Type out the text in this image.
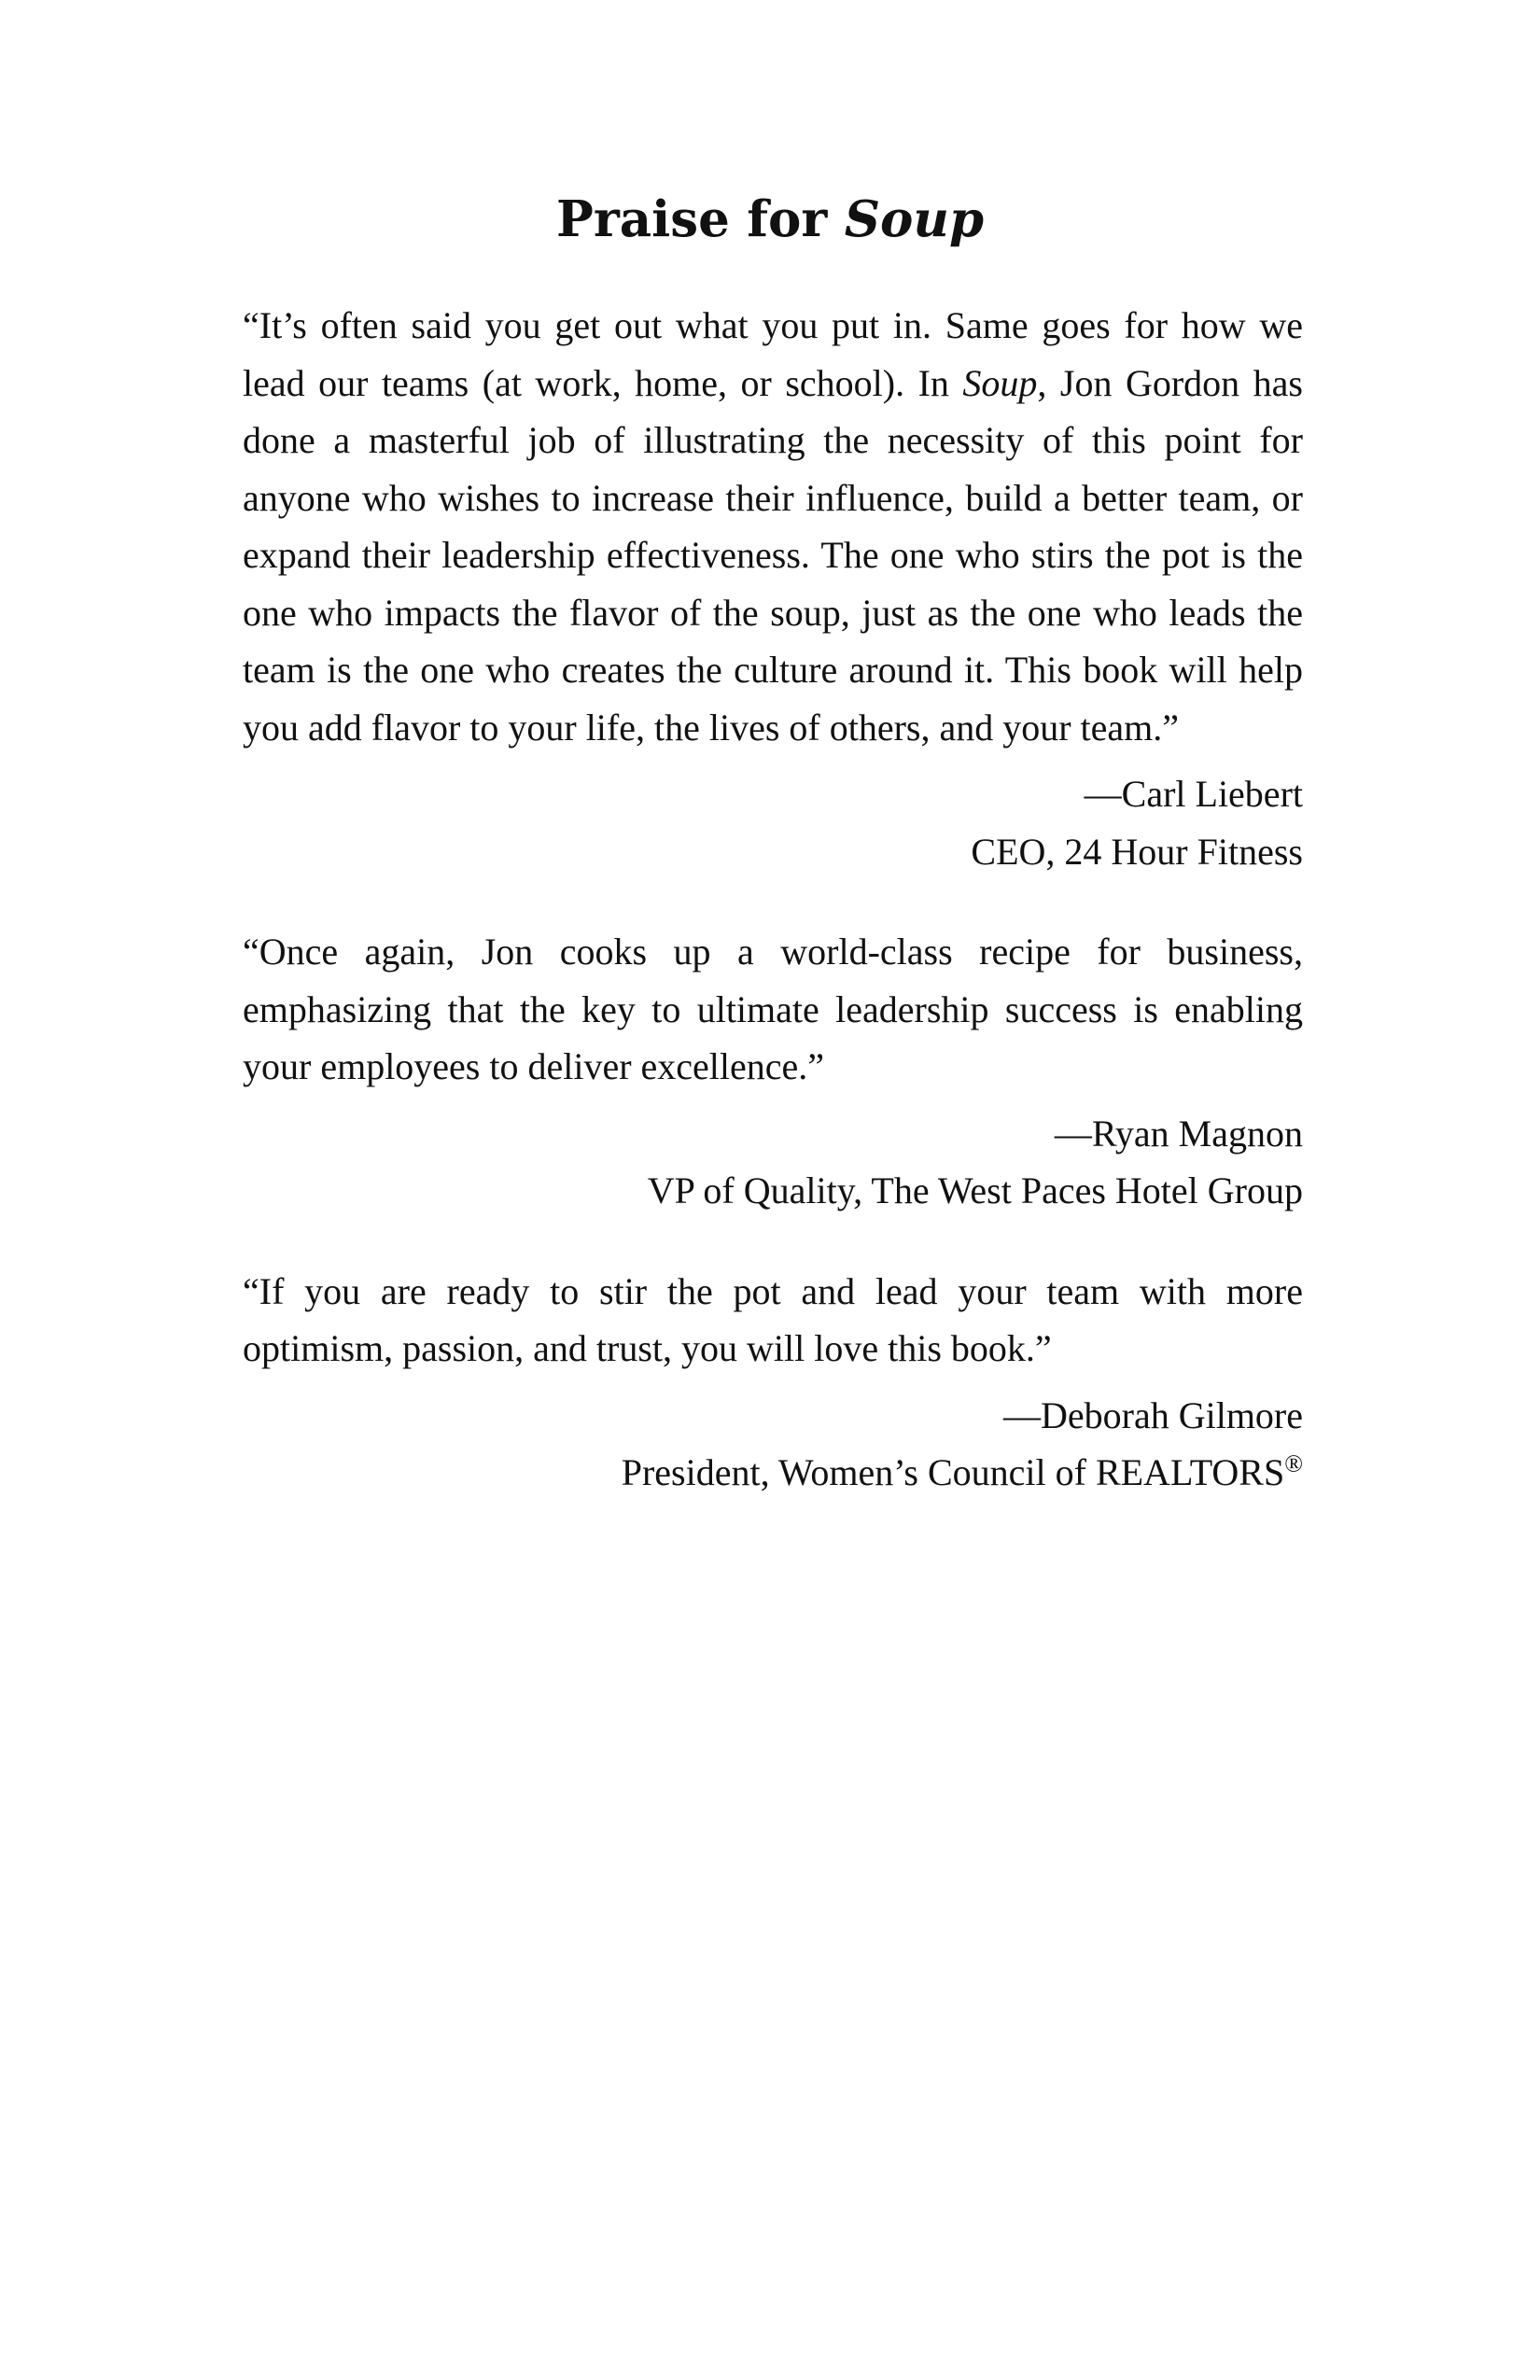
Praise for Soup

“It’s often said you get out what you put in. Same goes for how we lead our teams (at work, home, or school). In Soup, Jon Gordon has done a masterful job of illustrating the necessity of this point for anyone who wishes to increase their influence, build a better team, or expand their leadership effectiveness. The one who stirs the pot is the one who impacts the flavor of the soup, just as the one who leads the team is the one who creates the culture around it. This book will help you add flavor to your life, the lives of others, and your team.”

—Carl Liebert
CEO, 24 Hour Fitness

“Once again, Jon cooks up a world-class recipe for business, emphasizing that the key to ultimate leadership success is enabling your employees to deliver excellence.”

—Ryan Magnon
VP of Quality, The West Paces Hotel Group

“If you are ready to stir the pot and lead your team with more optimism, passion, and trust, you will love this book.”

—Deborah Gilmore
President, Women’s Council of REALTORS®
